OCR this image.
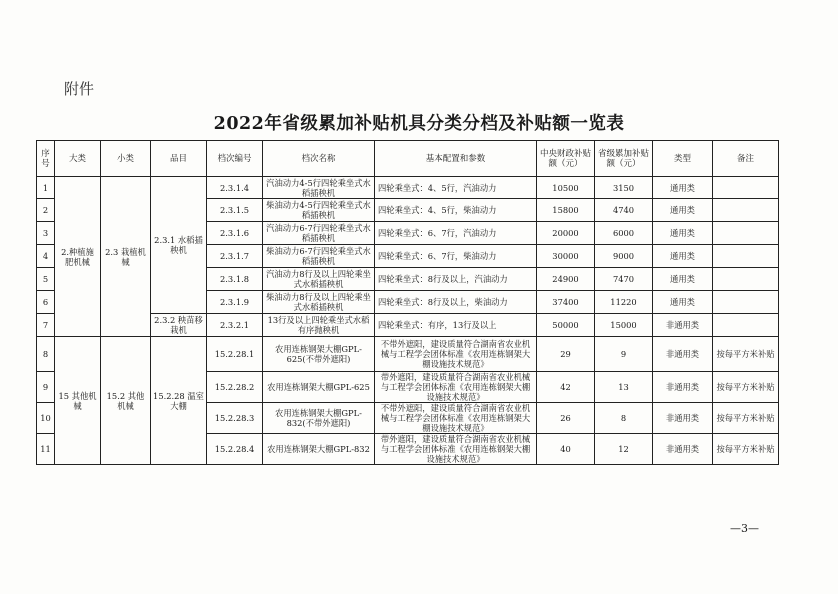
附件
2022年省级累加补贴机具分类分档及补贴额一览表
序号	大类	小类	品目	档次编号	档次名称	基本配置和参数	中央财政补贴额（元）	省级累加补贴额（元）	类型	备注
1	2.种植施肥机械	2.3 栽植机械	2.3.1 水稻插秧机	2.3.1.4	汽油动力4-5行四轮乘坐式水稻插秧机	四轮乘坐式：4、5行，汽油动力	10500	3150	通用类	
2				2.3.1.5	柴油动力4-5行四轮乘坐式水稻插秧机	四轮乘坐式：4、5行，柴油动力	15800	4740	通用类	
3				2.3.1.6	汽油动力6-7行四轮乘坐式水稻插秧机	四轮乘坐式：6、7行，汽油动力	20000	6000	通用类	
4				2.3.1.7	柴油动力6-7行四轮乘坐式水稻插秧机	四轮乘坐式：6、7行，柴油动力	30000	9000	通用类	
5				2.3.1.8	汽油动力8行及以上四轮乘坐式水稻插秧机	四轮乘坐式：8行及以上，汽油动力	24900	7470	通用类	
6				2.3.1.9	柴油动力8行及以上四轮乘坐式水稻插秧机	四轮乘坐式：8行及以上，柴油动力	37400	11220	通用类	
7			2.3.2 秧苗移栽机	2.3.2.1	13行及以上四轮乘坐式水稻有序抛秧机	四轮乘坐式：有序，13行及以上	50000	15000	非通用类	
8	15 其他机械	15.2 其他机械	15.2.28 温室大棚	15.2.28.1	农用连栋钢架大棚GPL-625(不带外遮阳)	不带外遮阳，建设质量符合湖南省农业机械与工程学会团体标准《农用连栋钢架大棚设施技术规范》	29	9	非通用类	按每平方米补贴
9				15.2.28.2	农用连栋钢架大棚GPL-625	带外遮阳，建设质量符合湖南省农业机械与工程学会团体标准《农用连栋钢架大棚设施技术规范》	42	13	非通用类	按每平方米补贴
10				15.2.28.3	农用连栋钢架大棚GPL-832(不带外遮阳)	不带外遮阳，建设质量符合湖南省农业机械与工程学会团体标准《农用连栋钢架大棚设施技术规范》	26	8	非通用类	按每平方米补贴
11				15.2.28.4	农用连栋钢架大棚GPL-832	带外遮阳，建设质量符合湖南省农业机械与工程学会团体标准《农用连栋钢架大棚设施技术规范》	40	12	非通用类	按每平方米补贴
—3—
